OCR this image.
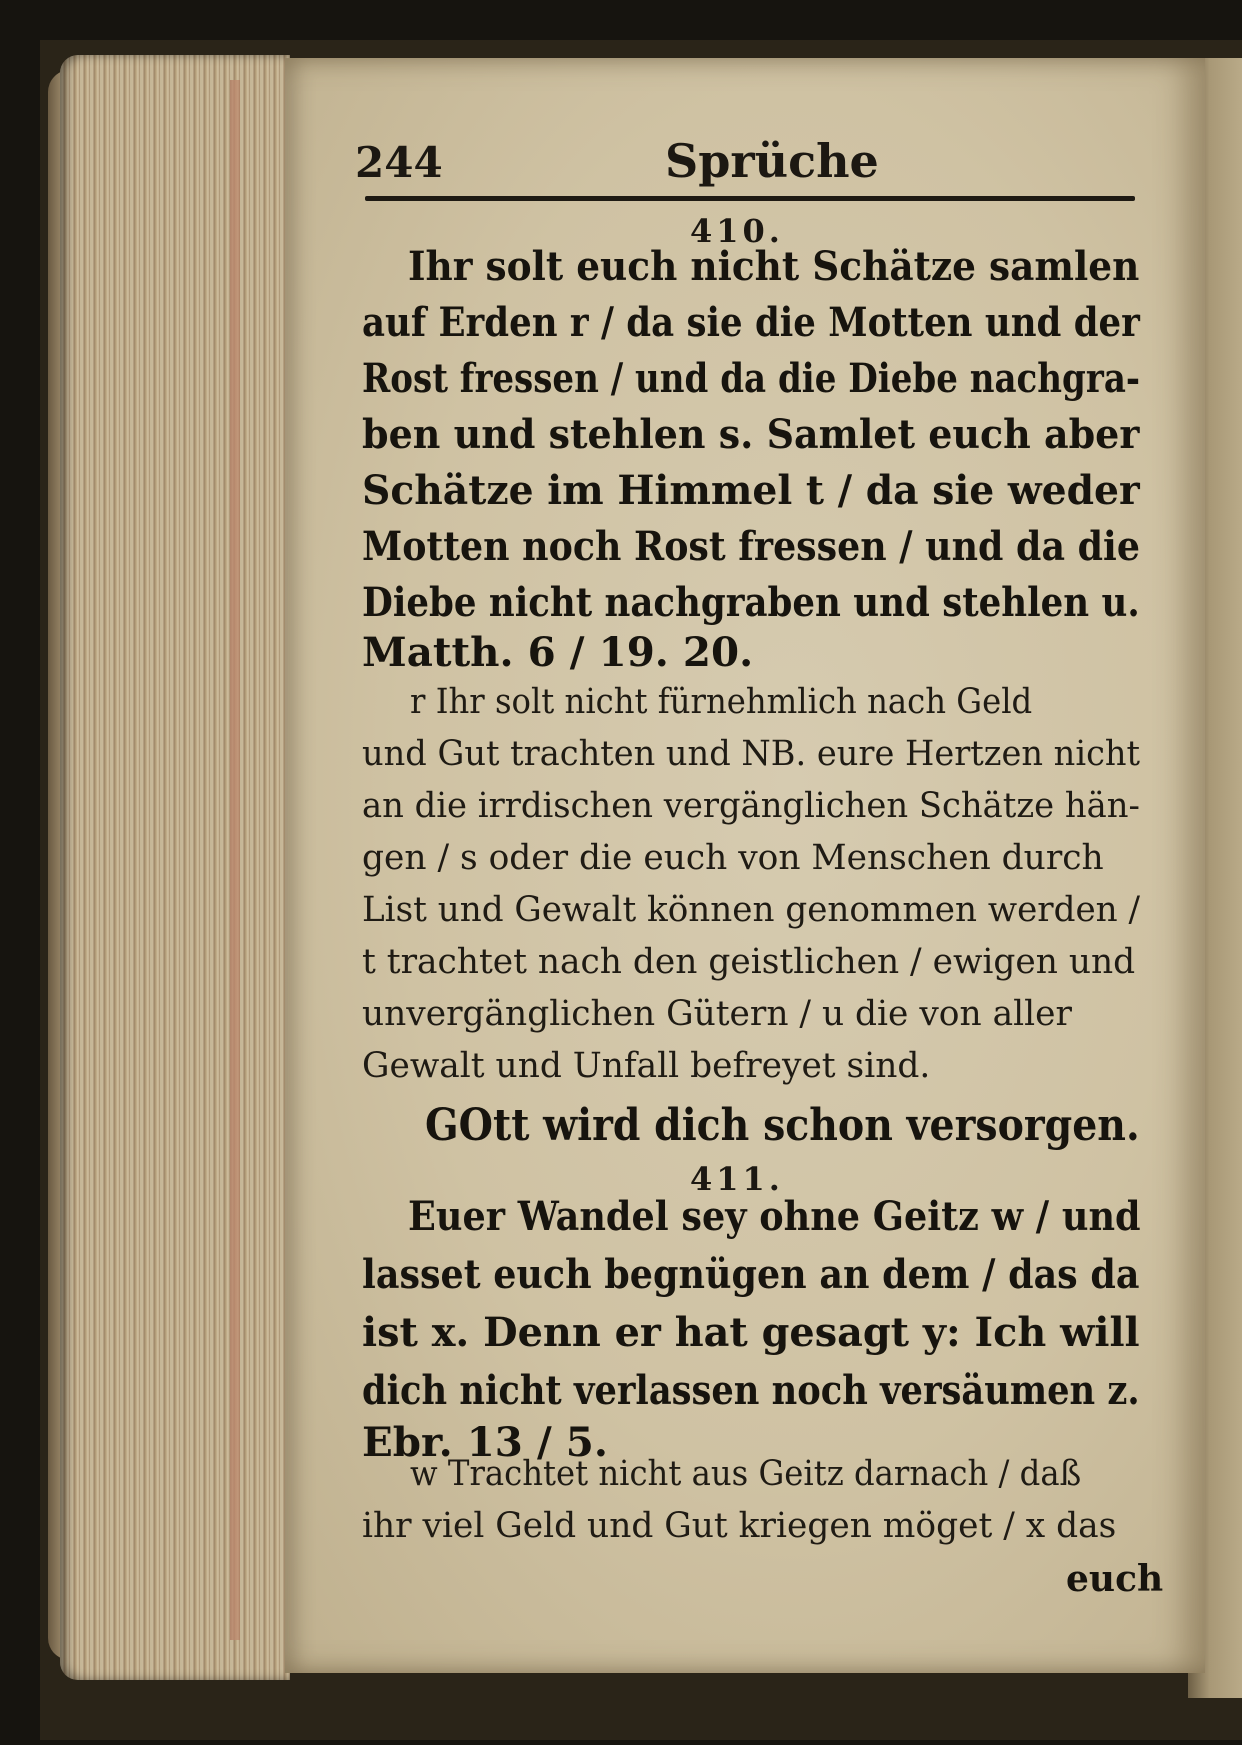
244	Sprüche
410.
Ihr solt euch nicht Schätze samlen
auf Erden r / da sie die Motten und der
Rost fressen / und da die Diebe nachgra-
ben und stehlen s. Samlet euch aber
Schätze im Himmel t / da sie weder
Motten noch Rost fressen / und da die
Diebe nicht nachgraben und stehlen u.
Matth. 6 / 19. 20.
r Ihr solt nicht fürnehmlich nach Geld
und Gut trachten und NB. eure Hertzen nicht
an die irrdischen vergänglichen Schätze hän-
gen / s oder die euch von Menschen durch
List und Gewalt können genommen werden /
t trachtet nach den geistlichen / ewigen und
unvergänglichen Gütern / u die von aller
Gewalt und Unfall befreyet sind.
GOtt wird dich schon versorgen.
411.
Euer Wandel sey ohne Geitz w / und
lasset euch begnügen an dem / das da
ist x. Denn er hat gesagt y: Ich will
dich nicht verlassen noch versäumen z.
Ebr. 13 / 5.
w Trachtet nicht aus Geitz darnach / daß
ihr viel Geld und Gut kriegen möget / x das
euch
